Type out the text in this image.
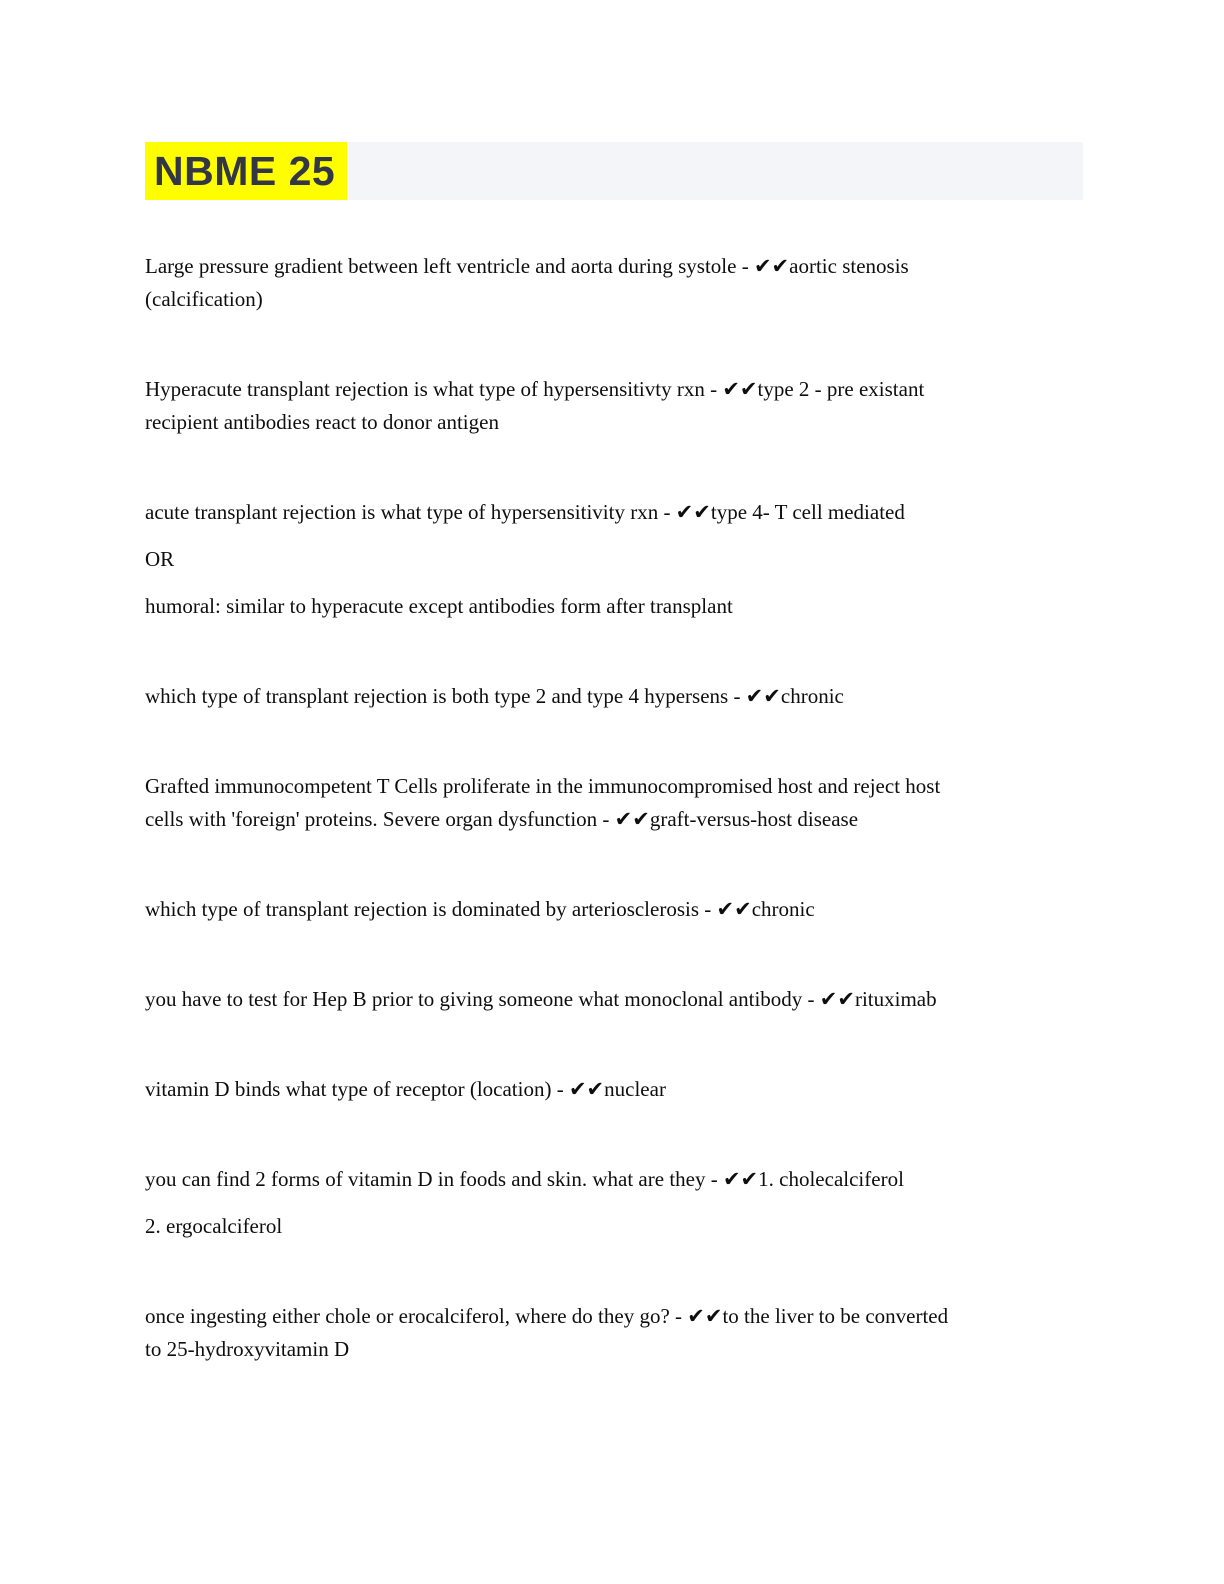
NBME 25
Large pressure gradient between left ventricle and aorta during systole - ✔✔aortic stenosis
(calcification)
Hyperacute transplant rejection is what type of hypersensitivty rxn - ✔✔type 2 - pre existant
recipient antibodies react to donor antigen
acute transplant rejection is what type of hypersensitivity rxn - ✔✔type 4- T cell mediated
OR
humoral: similar to hyperacute except antibodies form after transplant
which type of transplant rejection is both type 2 and type 4 hypersens - ✔✔chronic
Grafted immunocompetent T Cells proliferate in the immunocompromised host and reject host
cells with 'foreign' proteins. Severe organ dysfunction - ✔✔graft-versus-host disease
which type of transplant rejection is dominated by arteriosclerosis - ✔✔chronic
you have to test for Hep B prior to giving someone what monoclonal antibody - ✔✔rituximab
vitamin D binds what type of receptor (location) - ✔✔nuclear
you can find 2 forms of vitamin D in foods and skin. what are they - ✔✔1. cholecalciferol
2. ergocalciferol
once ingesting either chole or erocalciferol, where do they go? - ✔✔to the liver to be converted
to 25-hydroxyvitamin D
